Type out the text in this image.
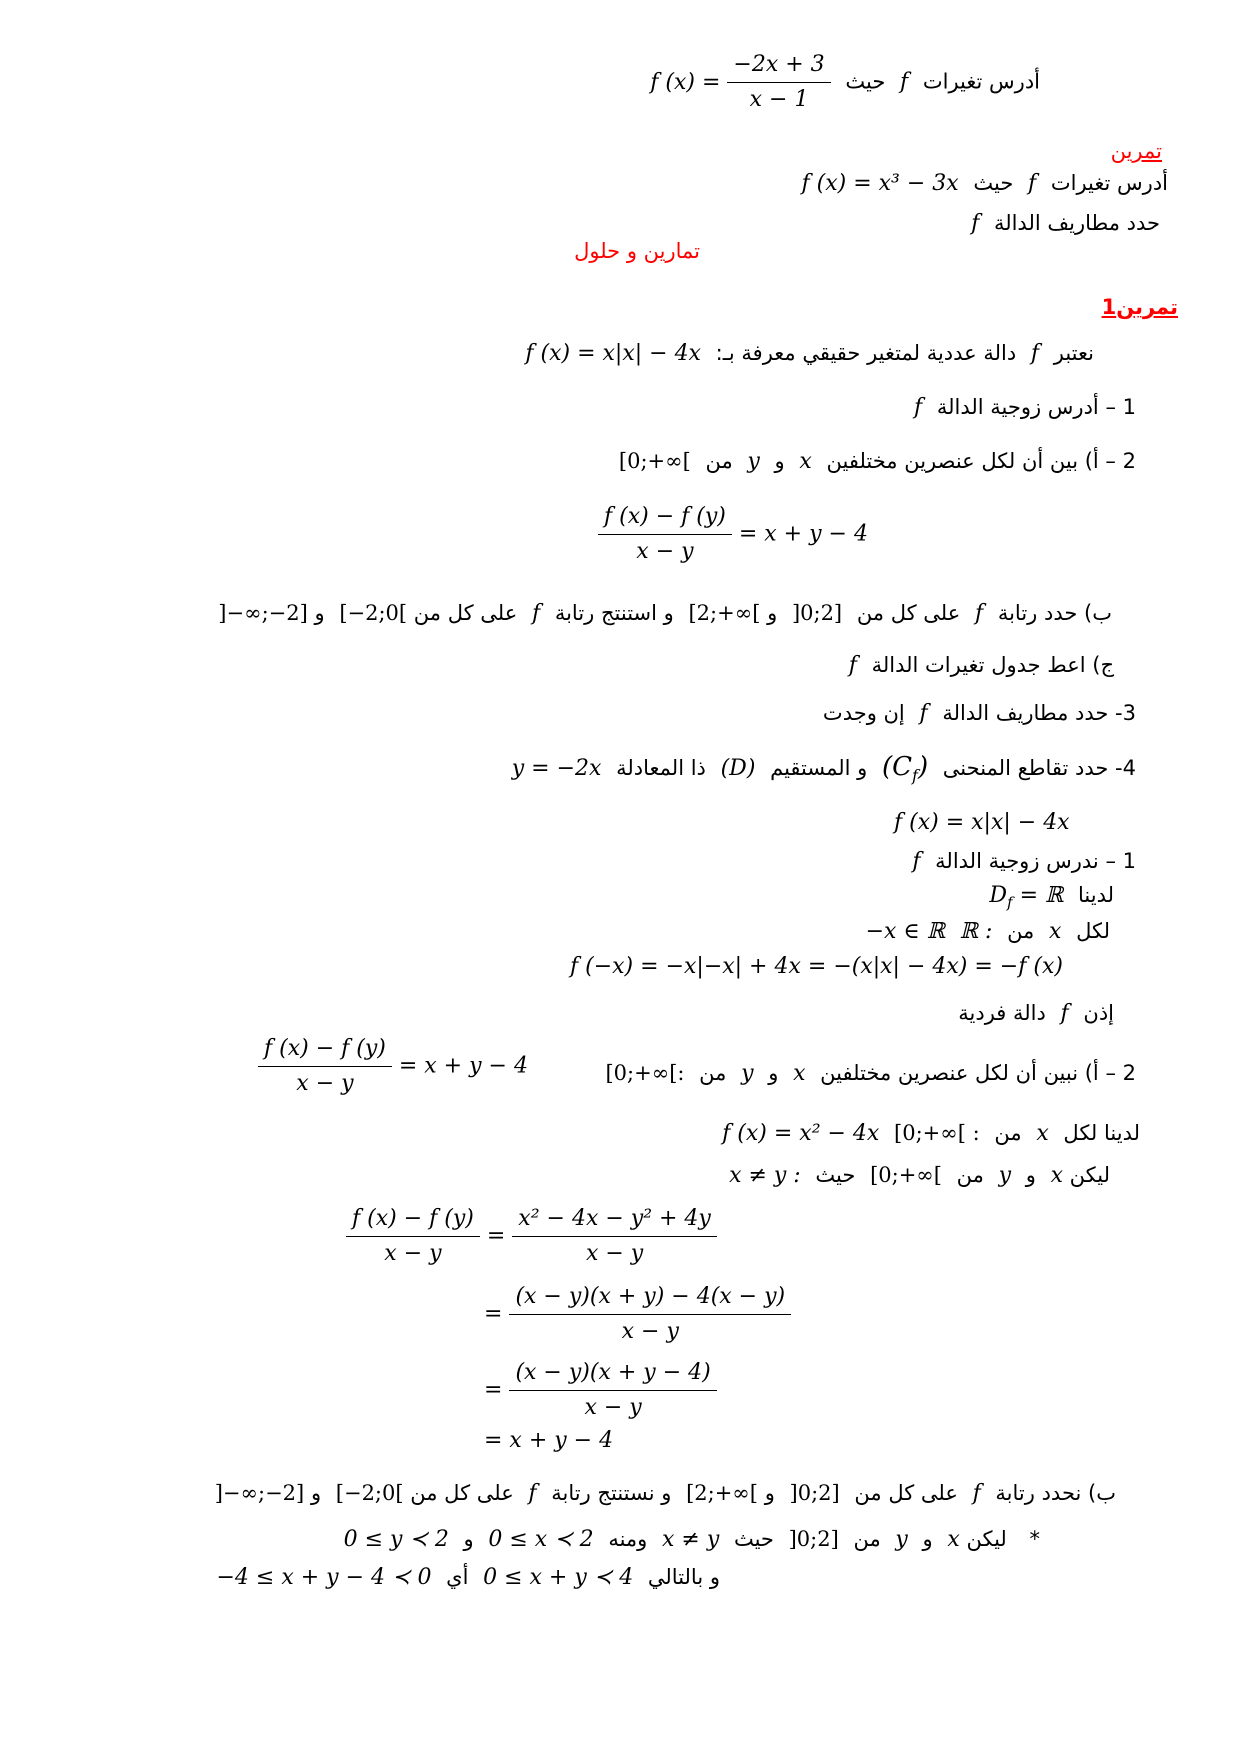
أدرس تغيرات f حيث f $(x) = \frac{-2x + 3}{x - 1}$
تمرين
أدرس تغيرات f حيث f (x) = x³ − 3x
حدد مطاريف الدالة f
تمارين و حلول
تمرين1
نعتبر f دالة عددية لمتغير حقيقي معرفة بـ: f (x) = x|x| − 4x
1 – أدرس زوجية الدالة f
2 – أ) بين أن لكل عنصرين مختلفين x و y من [0;+∞[
$\frac{f (x) - f (y)}{x - y} = x + y - 4$
ب) حدد رتابة f على كل من ]0;2] و [2;+∞[ و استنتج رتابة f على كل من [−2;0[ و ]−∞;−2]
ج) اعط جدول تغيرات الدالة f
3- حدد مطاريف الدالة f إن وجدت
4- حدد تقاطع المنحنى $(C_f)$ و المستقيم (D) ذا المعادلة y = −2x
f (x) = x|x| − 4x
1 – ندرس زوجية الدالة f
لدينا $D_f$ = ℝ
لكل x من ℝ : −x ∈ ℝ
f (−x) = −x|−x| + 4x = −(x|x| − 4x) = −f (x)
إذن f دالة فردية
2 – أ) نبين أن لكل عنصرين مختلفين x و y من [0;+∞[:
$\frac{f (x) - f (y)}{x - y} = x + y - 4$
لدينا لكل x من [0;+∞[ : f (x) = x² − 4x
ليكن x و y من [0;+∞[ حيث x ≠ y :
$\frac{f (x) - f (y)}{x - y} = \frac{\text{x² − 4x − y² + 4y}}{x - y}$
= $\frac{(x - y)(x + y) - 4(x - y)}{x - y}$
= $\frac{(x - y)(x + y - 4)}{x - y}$
= x + y − 4
ب) نحدد رتابة f على كل من ]0;2] و [2;+∞[ و نستنتج رتابة f على كل من [−2;0[ و ]−∞;−2]
* ليكن x و y من ]0;2] حيث x ≠ y ومنه 0 ≤ x ≺ 2 و 0 ≤ y ≺ 2
و بالتالي 0 ≤ x + y ≺ 4 أي −4 ≤ x + y − 4 ≺ 0
